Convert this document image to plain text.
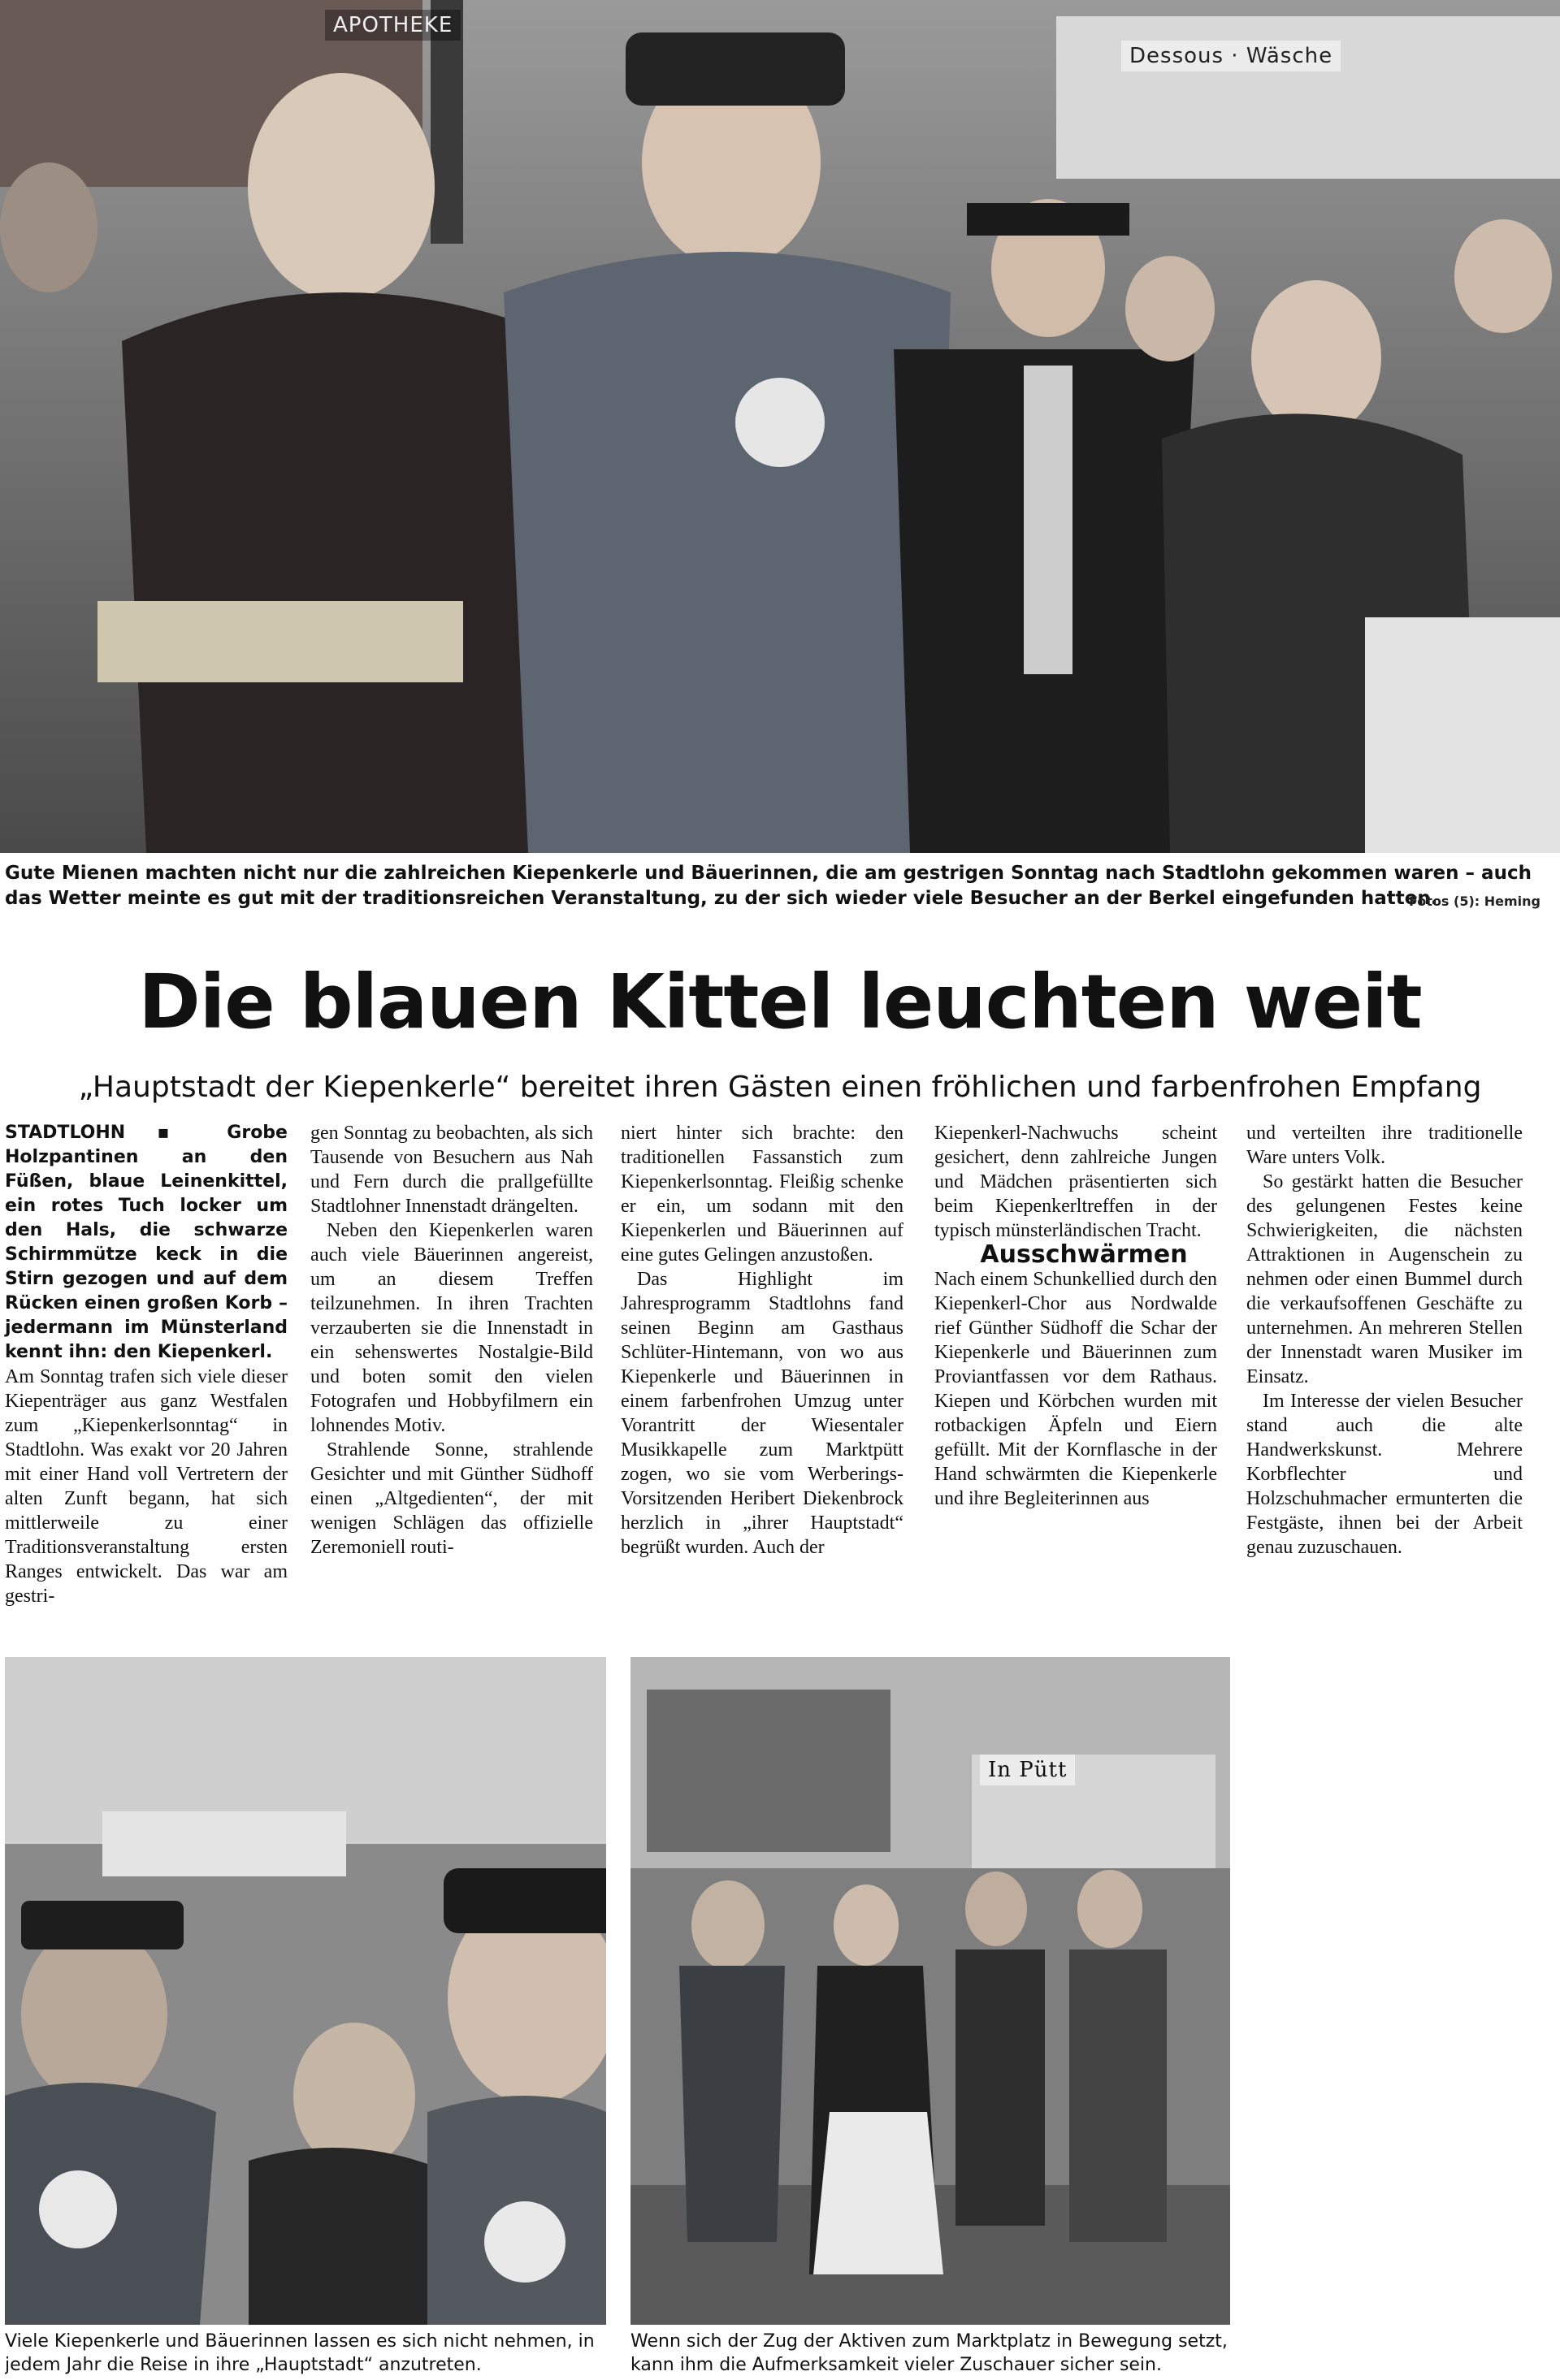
APOTHEKE
Dessous · Wäsche
Gute Mienen machten nicht nur die zahlreichen Kiepenkerle und Bäuerinnen, die am gestrigen Sonntag nach Stadtlohn gekommen waren – auch das Wetter meinte es gut mit der traditionsreichen Veranstaltung, zu der sich wieder viele Besucher an der Berkel eingefunden hatten.
Fotos (5): Heming
Die blauen Kittel leuchten weit
„Hauptstadt der Kiepenkerle“ bereitet ihren Gästen einen fröhlichen und farbenfrohen Empfang

STADTLOHN ▪ Grobe Holzpantinen an den Füßen, blaue Leinenkittel, ein rotes Tuch locker um den Hals, die schwarze Schirmmütze keck in die Stirn gezogen und auf dem Rücken einen großen Korb – jedermann im Münsterland kennt ihn: den Kiepenkerl.

Am Sonntag trafen sich viele dieser Kiepenträger aus ganz Westfalen zum „Kiepenkerlsonntag“ in Stadtlohn. Was exakt vor 20 Jahren mit einer Hand voll Vertretern der alten Zunft begann, hat sich mittlerweile zu einer Traditionsveranstaltung ersten Ranges entwickelt. Das war am gestri-

gen Sonntag zu beobachten, als sich Tausende von Besuchern aus Nah und Fern durch die prallgefüllte Stadtlohner Innenstadt drängelten.

Neben den Kiepenkerlen waren auch viele Bäuerinnen angereist, um an diesem Treffen teilzunehmen. In ihren Trachten verzauberten sie die Innenstadt in ein sehenswertes Nostalgie-Bild und boten somit den vielen Fotografen und Hobbyfilmern ein lohnendes Motiv.

Strahlende Sonne, strahlende Gesichter und mit Günther Südhoff einen „Altgedienten“, der mit wenigen Schlägen das offizielle Zeremoniell routi-

niert hinter sich brachte: den traditionellen Fassanstich zum Kiepenkerlsonntag. Fleißig schenke er ein, um sodann mit den Kiepenkerlen und Bäuerinnen auf eine gutes Gelingen anzustoßen.

Das Highlight im Jahresprogramm Stadtlohns fand seinen Beginn am Gasthaus Schlüter-Hintemann, von wo aus Kiepenkerle und Bäuerinnen in einem farbenfrohen Umzug unter Vorantritt der Wiesentaler Musikkapelle zum Marktpütt zogen, wo sie vom Werberings-Vorsitzenden Heribert Diekenbrock herzlich in „ihrer Hauptstadt“ begrüßt wurden. Auch der

Kiepenkerl-Nachwuchs scheint gesichert, denn zahlreiche Jungen und Mädchen präsentierten sich beim Kiepenkerltreffen in der typisch münsterländischen Tracht.

Ausschwärmen

Nach einem Schunkellied durch den Kiepenkerl-Chor aus Nordwalde rief Günther Südhoff die Schar der Kiepenkerle und Bäuerinnen zum Proviantfassen vor dem Rathaus. Kiepen und Körbchen wurden mit rotbackigen Äpfeln und Eiern gefüllt. Mit der Kornflasche in der Hand schwärmten die Kiepenkerle und ihre Begleiterinnen aus

und verteilten ihre traditionelle Ware unters Volk.

So gestärkt hatten die Besucher des gelungenen Festes keine Schwierigkeiten, die nächsten Attraktionen in Augenschein zu nehmen oder einen Bummel durch die verkaufsoffenen Geschäfte zu unternehmen. An mehreren Stellen der Innenstadt waren Musiker im Einsatz.

Im Interesse der vielen Besucher stand auch die alte Handwerkskunst. Mehrere Korbflechter und Holzschuhmacher ermunterten die Festgäste, ihnen bei der Arbeit genau zuzuschauen.

Viele Kiepenkerle und Bäuerinnen lassen es sich nicht nehmen, in jedem Jahr die Reise in ihre „Hauptstadt“ anzutreten.
In Pütt
Wenn sich der Zug der Aktiven zum Marktplatz in Bewegung setzt, kann ihm die Aufmerksamkeit vieler Zuschauer sicher sein.
